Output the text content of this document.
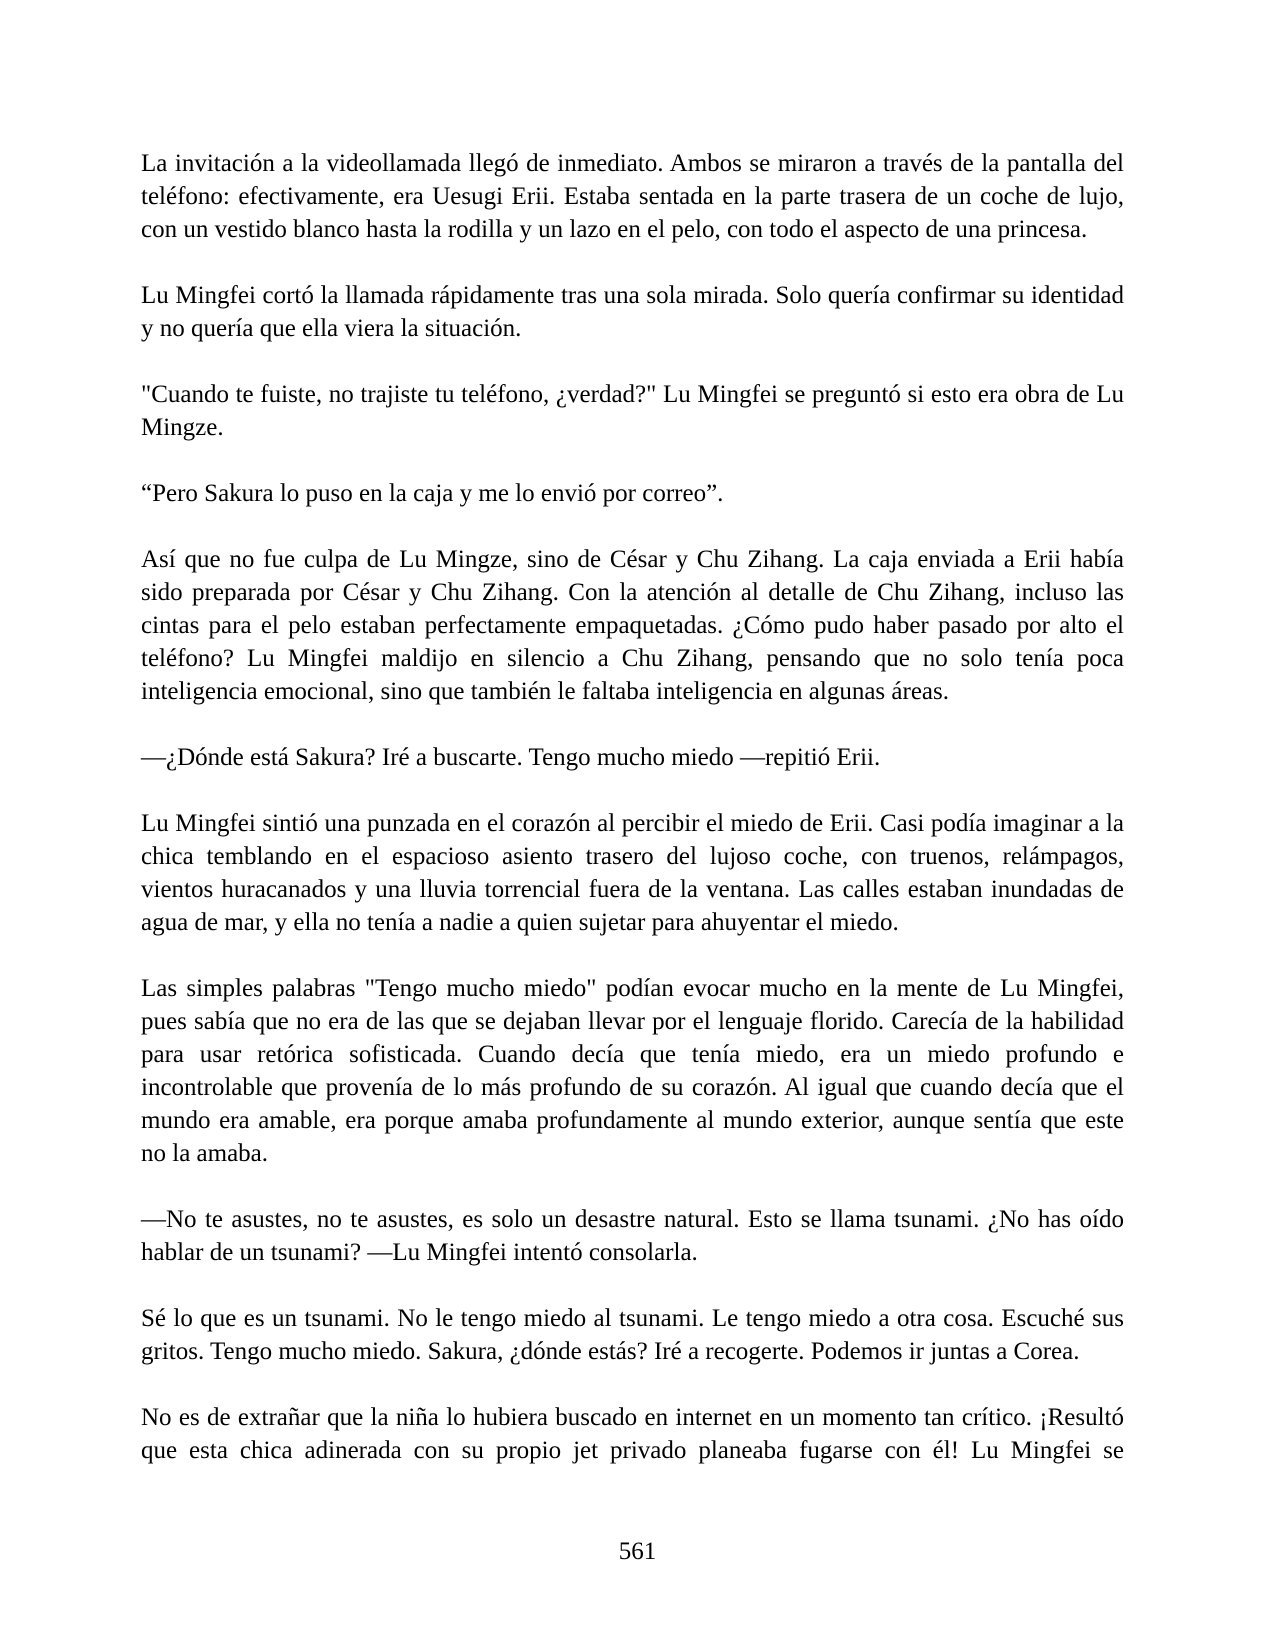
La invitación a la videollamada llegó de inmediato. Ambos se miraron a través de la pantalla del teléfono: efectivamente, era Uesugi Erii. Estaba sentada en la parte trasera de un coche de lujo, con un vestido blanco hasta la rodilla y un lazo en el pelo, con todo el aspecto de una princesa.

Lu Mingfei cortó la llamada rápidamente tras una sola mirada. Solo quería confirmar su identidad y no quería que ella viera la situación.

"Cuando te fuiste, no trajiste tu teléfono, ¿verdad?" Lu Mingfei se preguntó si esto era obra de Lu Mingze.

“Pero Sakura lo puso en la caja y me lo envió por correo”.

Así que no fue culpa de Lu Mingze, sino de César y Chu Zihang. La caja enviada a Erii había sido preparada por César y Chu Zihang. Con la atención al detalle de Chu Zihang, incluso las cintas para el pelo estaban perfectamente empaquetadas. ¿Cómo pudo haber pasado por alto el teléfono? Lu Mingfei maldijo en silencio a Chu Zihang, pensando que no solo tenía poca inteligencia emocional, sino que también le faltaba inteligencia en algunas áreas.

—¿Dónde está Sakura? Iré a buscarte. Tengo mucho miedo —repitió Erii.

Lu Mingfei sintió una punzada en el corazón al percibir el miedo de Erii. Casi podía imaginar a la chica temblando en el espacioso asiento trasero del lujoso coche, con truenos, relámpagos, vientos huracanados y una lluvia torrencial fuera de la ventana. Las calles estaban inundadas de agua de mar, y ella no tenía a nadie a quien sujetar para ahuyentar el miedo.

Las simples palabras "Tengo mucho miedo" podían evocar mucho en la mente de Lu Mingfei, pues sabía que no era de las que se dejaban llevar por el lenguaje florido. Carecía de la habilidad para usar retórica sofisticada. Cuando decía que tenía miedo, era un miedo profundo e incontrolable que provenía de lo más profundo de su corazón. Al igual que cuando decía que el mundo era amable, era porque amaba profundamente al mundo exterior, aunque sentía que este no la amaba.

—No te asustes, no te asustes, es solo un desastre natural. Esto se llama tsunami. ¿No has oído hablar de un tsunami? —Lu Mingfei intentó consolarla.

Sé lo que es un tsunami. No le tengo miedo al tsunami. Le tengo miedo a otra cosa. Escuché sus gritos. Tengo mucho miedo. Sakura, ¿dónde estás? Iré a recogerte. Podemos ir juntas a Corea.

No es de extrañar que la niña lo hubiera buscado en internet en un momento tan crítico. ¡Resultó que esta chica adinerada con su propio jet privado planeaba fugarse con él! Lu Mingfei se

561
